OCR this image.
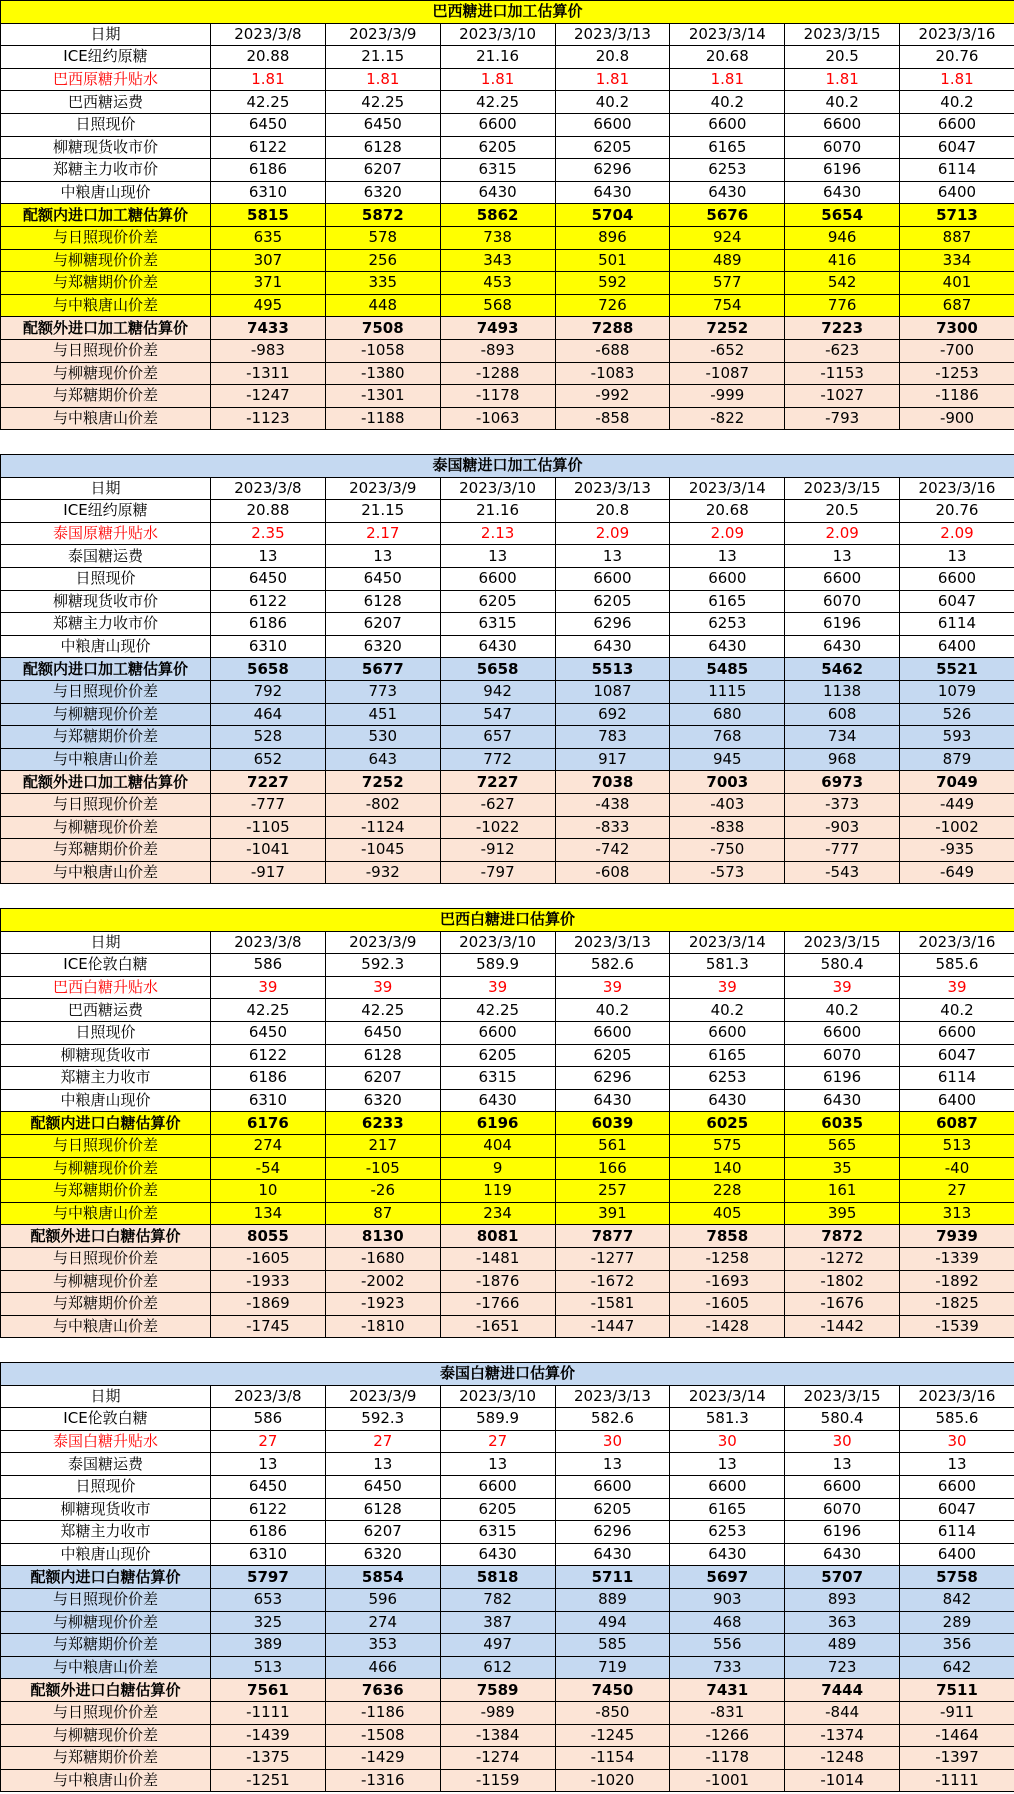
巴西糖进口加工估算价							
日期	2023/3/8	2023/3/9	2023/3/10	2023/3/13	2023/3/14	2023/3/15	2023/3/16
ICE纽约原糖	20.88	21.15	21.16	20.8	20.68	20.5	20.76
巴西原糖升贴水	1.81	1.81	1.81	1.81	1.81	1.81	1.81
巴西糖运费	42.25	42.25	42.25	40.2	40.2	40.2	40.2
日照现价	6450	6450	6600	6600	6600	6600	6600
柳糖现货收市价	6122	6128	6205	6205	6165	6070	6047
郑糖主力收市价	6186	6207	6315	6296	6253	6196	6114
中粮唐山现价	6310	6320	6430	6430	6430	6430	6400
配额内进口加工糖估算价	5815	5872	5862	5704	5676	5654	5713
与日照现价价差	635	578	738	896	924	946	887
与柳糖现价价差	307	256	343	501	489	416	334
与郑糖期价价差	371	335	453	592	577	542	401
与中粮唐山价差	495	448	568	726	754	776	687
配额外进口加工糖估算价	7433	7508	7493	7288	7252	7223	7300
与日照现价价差	-983	-1058	-893	-688	-652	-623	-700
与柳糖现价价差	-1311	-1380	-1288	-1083	-1087	-1153	-1253
与郑糖期价价差	-1247	-1301	-1178	-992	-999	-1027	-1186
与中粮唐山价差	-1123	-1188	-1063	-858	-822	-793	-900
泰国糖进口加工估算价							
日期	2023/3/8	2023/3/9	2023/3/10	2023/3/13	2023/3/14	2023/3/15	2023/3/16
ICE纽约原糖	20.88	21.15	21.16	20.8	20.68	20.5	20.76
泰国原糖升贴水	2.35	2.17	2.13	2.09	2.09	2.09	2.09
泰国糖运费	13	13	13	13	13	13	13
日照现价	6450	6450	6600	6600	6600	6600	6600
柳糖现货收市价	6122	6128	6205	6205	6165	6070	6047
郑糖主力收市价	6186	6207	6315	6296	6253	6196	6114
中粮唐山现价	6310	6320	6430	6430	6430	6430	6400
配额内进口加工糖估算价	5658	5677	5658	5513	5485	5462	5521
与日照现价价差	792	773	942	1087	1115	1138	1079
与柳糖现价价差	464	451	547	692	680	608	526
与郑糖期价价差	528	530	657	783	768	734	593
与中粮唐山价差	652	643	772	917	945	968	879
配额外进口加工糖估算价	7227	7252	7227	7038	7003	6973	7049
与日照现价价差	-777	-802	-627	-438	-403	-373	-449
与柳糖现价价差	-1105	-1124	-1022	-833	-838	-903	-1002
与郑糖期价价差	-1041	-1045	-912	-742	-750	-777	-935
与中粮唐山价差	-917	-932	-797	-608	-573	-543	-649
巴西白糖进口估算价							
日期	2023/3/8	2023/3/9	2023/3/10	2023/3/13	2023/3/14	2023/3/15	2023/3/16
ICE伦敦白糖	586	592.3	589.9	582.6	581.3	580.4	585.6
巴西白糖升贴水	39	39	39	39	39	39	39
巴西糖运费	42.25	42.25	42.25	40.2	40.2	40.2	40.2
日照现价	6450	6450	6600	6600	6600	6600	6600
柳糖现货收市	6122	6128	6205	6205	6165	6070	6047
郑糖主力收市	6186	6207	6315	6296	6253	6196	6114
中粮唐山现价	6310	6320	6430	6430	6430	6430	6400
配额内进口白糖估算价	6176	6233	6196	6039	6025	6035	6087
与日照现价价差	274	217	404	561	575	565	513
与柳糖现价价差	-54	-105	9	166	140	35	-40
与郑糖期价价差	10	-26	119	257	228	161	27
与中粮唐山价差	134	87	234	391	405	395	313
配额外进口白糖估算价	8055	8130	8081	7877	7858	7872	7939
与日照现价价差	-1605	-1680	-1481	-1277	-1258	-1272	-1339
与柳糖现价价差	-1933	-2002	-1876	-1672	-1693	-1802	-1892
与郑糖期价价差	-1869	-1923	-1766	-1581	-1605	-1676	-1825
与中粮唐山价差	-1745	-1810	-1651	-1447	-1428	-1442	-1539
泰国白糖进口估算价							
日期	2023/3/8	2023/3/9	2023/3/10	2023/3/13	2023/3/14	2023/3/15	2023/3/16
ICE伦敦白糖	586	592.3	589.9	582.6	581.3	580.4	585.6
泰国白糖升贴水	27	27	27	30	30	30	30
泰国糖运费	13	13	13	13	13	13	13
日照现价	6450	6450	6600	6600	6600	6600	6600
柳糖现货收市	6122	6128	6205	6205	6165	6070	6047
郑糖主力收市	6186	6207	6315	6296	6253	6196	6114
中粮唐山现价	6310	6320	6430	6430	6430	6430	6400
配额内进口白糖估算价	5797	5854	5818	5711	5697	5707	5758
与日照现价价差	653	596	782	889	903	893	842
与柳糖现价价差	325	274	387	494	468	363	289
与郑糖期价价差	389	353	497	585	556	489	356
与中粮唐山价差	513	466	612	719	733	723	642
配额外进口白糖估算价	7561	7636	7589	7450	7431	7444	7511
与日照现价价差	-1111	-1186	-989	-850	-831	-844	-911
与柳糖现价价差	-1439	-1508	-1384	-1245	-1266	-1374	-1464
与郑糖期价价差	-1375	-1429	-1274	-1154	-1178	-1248	-1397
与中粮唐山价差	-1251	-1316	-1159	-1020	-1001	-1014	-1111
